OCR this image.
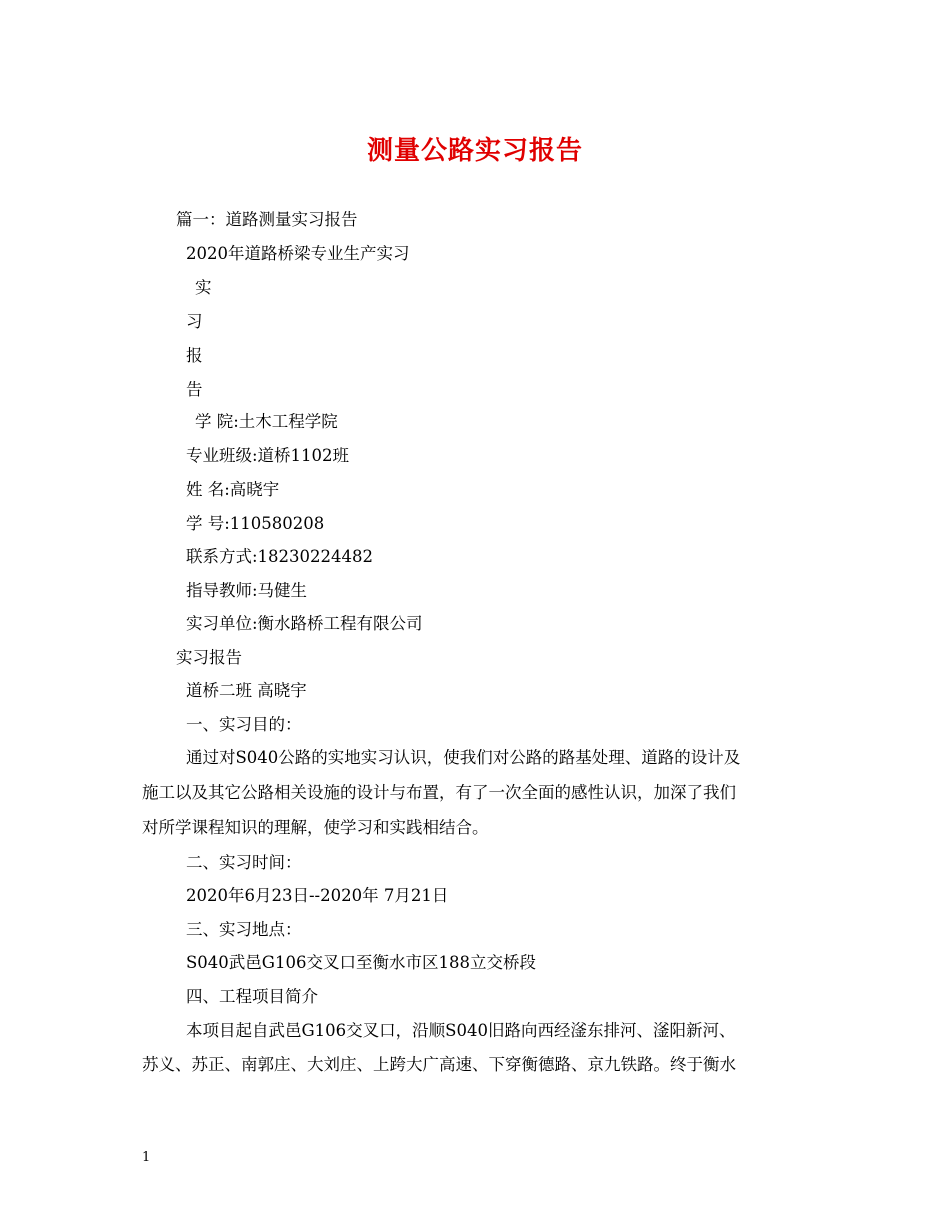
测量公路实习报告
篇一：道路测量实习报告
2020年道路桥梁专业生产实习
实
习
报
告
学 院:土木工程学院
专业班级:道桥1102班
姓 名:高晓宇
学 号:110580208
联系方式:18230224482
指导教师:马健生
实习单位:衡水路桥工程有限公司
实习报告
道桥二班 高晓宇
一、实习目的：
通过对S040公路的实地实习认识，使我们对公路的路基处理、道路的设计及
施工以及其它公路相关设施的设计与布置，有了一次全面的感性认识，加深了我们
对所学课程知识的理解，使学习和实践相结合。
二、实习时间：
2020年6月23日--2020年 7月21日
三、实习地点：
S040武邑G106交叉口至衡水市区188立交桥段
四、工程项目简介
本项目起自武邑G106交叉口，沿顺S040旧路向西经滏东排河、滏阳新河、
苏义、苏正、南郭庄、大刘庄、上跨大广高速、下穿衡德路、京九铁路。终于衡水
1
